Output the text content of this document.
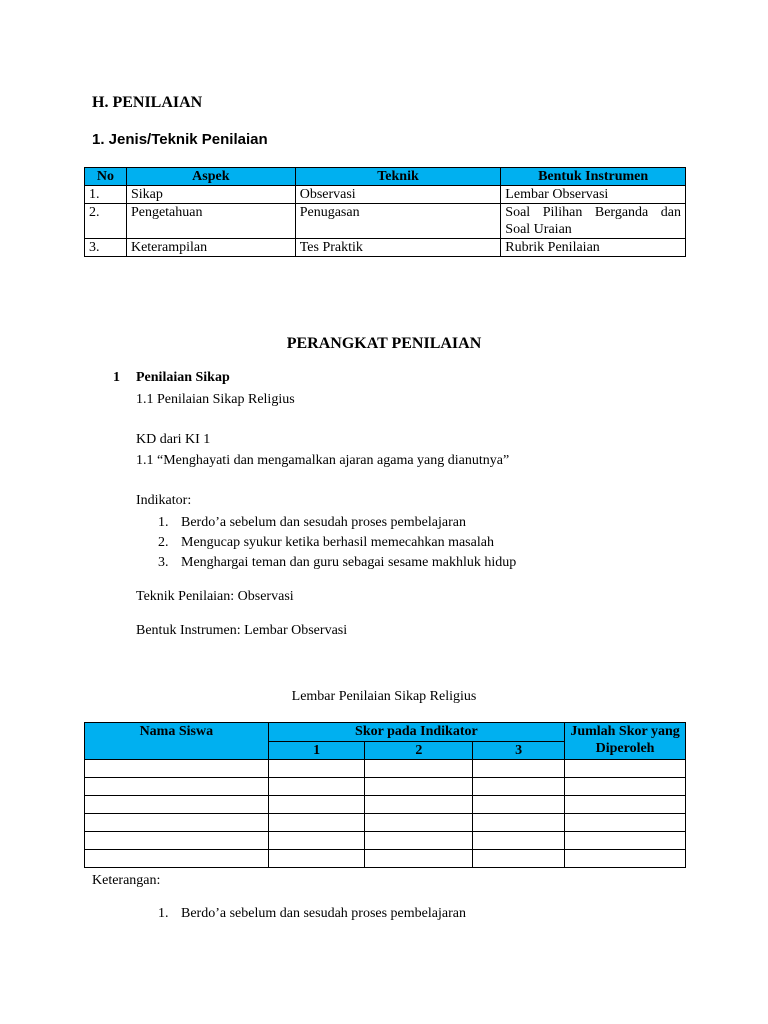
H. PENILAIAN
1. Jenis/Teknik Penilaian
No	Aspek	Teknik	Bentuk Instrumen
1.	Sikap	Observasi	Lembar Observasi
2.	Pengetahuan	Penugasan	Soal Pilihan Berganda dan Soal Uraian
3.	Keterampilan	Tes Praktik	Rubrik Penilaian
PERANGKAT PENILAIAN
1 Penilaian Sikap
1.1 Penilaian Sikap Religius
KD dari KI 1
1.1 “Menghayati dan mengamalkan ajaran agama yang dianutnya”
Indikator:
1. Berdo’a sebelum dan sesudah proses pembelajaran
2. Mengucap syukur ketika berhasil memecahkan masalah
3. Menghargai teman dan guru sebagai sesame makhluk hidup
Teknik Penilaian: Observasi
Bentuk Instrumen: Lembar Observasi
Lembar Penilaian Sikap Religius
Nama Siswa	Skor pada Indikator			Jumlah Skor yang Diperoleh
	1	2	3	

Keterangan:
1. Berdo’a sebelum dan sesudah proses pembelajaran
